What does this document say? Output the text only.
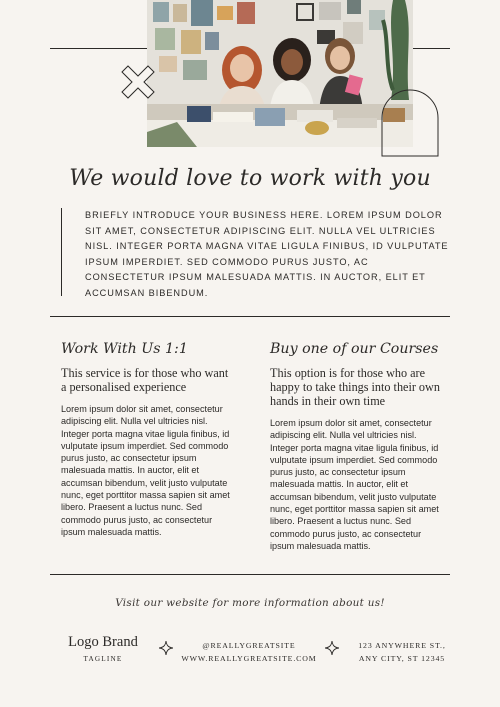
We would love to work with you
BRIEFLY INTRODUCE YOUR BUSINESS HERE. LOREM IPSUM DOLOR SIT AMET, CONSECTETUR ADIPISCING ELIT. NULLA VEL ULTRICIES NISL. INTEGER PORTA MAGNA VITAE LIGULA FINIBUS, ID VULPUTATE IPSUM IMPERDIET. SED COMMODO PURUS JUSTO, AC CONSECTETUR IPSUM MALESUADA MATTIS. IN AUCTOR, ELIT ET ACCUMSAN BIBENDUM.
Work With Us 1:1
This service is for those who want a personalised experience
Lorem ipsum dolor sit amet, consectetur adipiscing elit. Nulla vel ultricies nisl. Integer porta magna vitae ligula finibus, id vulputate ipsum imperdiet. Sed commodo purus justo, ac consectetur ipsum malesuada mattis. In auctor, elit et accumsan bibendum, velit justo vulputate nunc, eget porttitor massa sapien sit amet libero. Praesent a luctus nunc. Sed commodo purus justo, ac consectetur ipsum malesuada mattis.
Buy one of our Courses
This option is for those who are happy to take things into their own hands in their own time
Lorem ipsum dolor sit amet, consectetur adipiscing elit. Nulla vel ultricies nisl. Integer porta magna vitae ligula finibus, id vulputate ipsum imperdiet. Sed commodo purus justo, ac consectetur ipsum malesuada mattis. In auctor, elit et accumsan bibendum, velit justo vulputate nunc, eget porttitor massa sapien sit amet libero. Praesent a luctus nunc. Sed commodo purus justo, ac consectetur ipsum malesuada mattis.
Visit our website for more information about us!
Logo Brand
TAGLINE
@REALLYGREATSITE
WWW.REALLYGREATSITE.COM
123 ANYWHERE ST.,
ANY CITY, ST 12345
